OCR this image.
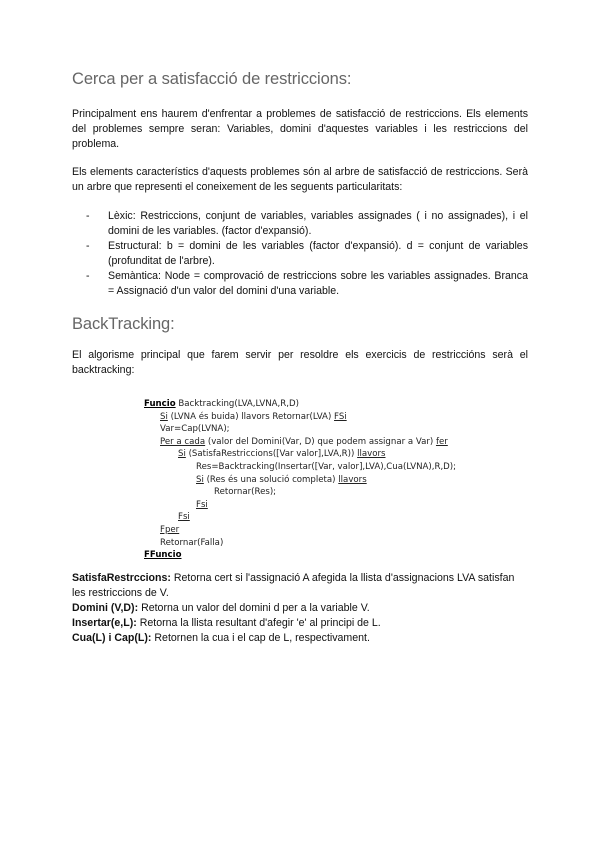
Cerca per a satisfacció de restriccions:

Principalment ens haurem d'enfrentar a problemes de satisfacció de restriccions. Els elements del problemes sempre seran: Variables, domini d'aquestes variables i les restriccions del problema.

Els elements característics d'aquests problemes són al arbre de satisfacció de restriccions. Serà un arbre que representi el coneixement de les seguents particularitats:

- Lèxic: Restriccions, conjunt de variables, variables assignades ( i no assignades), i el domini de les variables. (factor d'expansió).
- Estructural: b = domini de les variables (factor d'expansió). d = conjunt de variables (profunditat de l'arbre).
- Semàntica: Node = comprovació de restriccions sobre les variables assignades. Branca = Assignació d'un valor del domini d'una variable.
BackTracking:

El algorisme principal que farem servir per resoldre els exercicis de restriccións serà el backtracking:

Funcio Backtracking(LVA,LVNA,R,D)
Si (LVNA és buida) llavors Retornar(LVA) FSi
Var=Cap(LVNA);
Per a cada (valor del Domini(Var, D) que podem assignar a Var) fer
Si (SatisfaRestriccions([Var valor],LVA,R)) llavors
Res=Backtracking(Insertar([Var, valor],LVA),Cua(LVNA),R,D);
Si (Res és una solució completa) llavors
Retornar(Res);
Fsi
Fsi
Fper
Retornar(Falla)
FFuncio
SatisfaRestrccions: Retorna cert si l'assignació A afegida la llista d'assignacions LVA satisfan les restriccions de V.
Domini (V,D): Retorna un valor del domini d per a la variable V.
Insertar(e,L): Retorna la llista resultant d'afegir 'e' al principi de L.
Cua(L) i Cap(L): Retornen la cua i el cap de L, respectivament.
